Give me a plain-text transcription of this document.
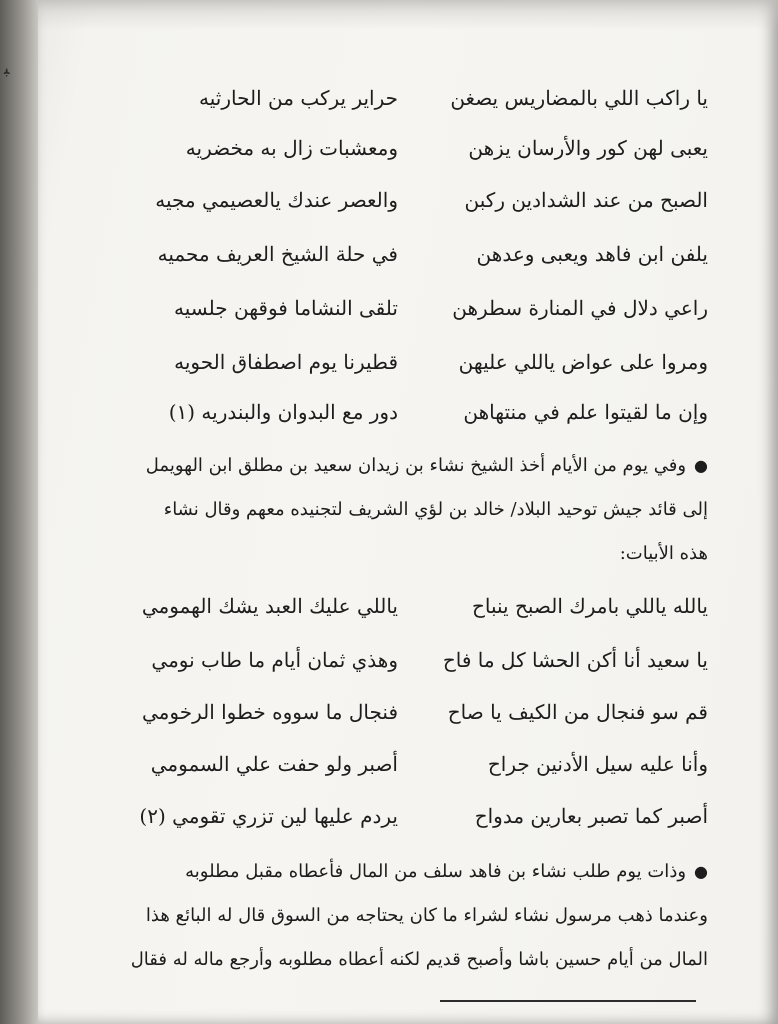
ﺒ
يا راكب اللي بالمضاريس يصغن
حراير يركب من الحارثيه
يعبى لهن كور والأرسان يزهن
ومعشبات زال به مخضريه
الصبح من عند الشدادين ركبن
والعصر عندك يالعصيمي مجيه
يلفن ابن فاهد ويعبى وعدهن
في حلة الشيخ العريف محميه
راعي دلال في المنارة سطرهن
تلقى النشاما فوقهن جلسيه
ومروا على عواض ياللي عليهن
قطيرنا يوم اصطفاق الحويه
وإن ما لقيتوا علم في منتهاهن
دور مع البدوان والبندريه (١)
●وفي يوم من الأيام أخذ الشيخ نشاء بن زيدان سعيد بن مطلق ابن الهويمل
إلى قائد جيش توحيد البلاد/ خالد بن لؤي الشريف لتجنيده معهم وقال نشاء
هذه الأبيات:
يالله ياللي بامرك الصبح ينباح
ياللي عليك العبد يشك الهمومي
يا سعيد أنا أكن الحشا كل ما فاح
وهذي ثمان أيام ما طاب نومي
قم سو فنجال من الكيف يا صاح
فنجال ما سووه خطوا الرخومي
وأنا عليه سيل الأدنين جراح
أصبر ولو حفت علي السمومي
أصبر كما تصبر بعارين مدواح
يردم عليها لين تزري تقومي (٢)
●وذات يوم طلب نشاء بن فاهد سلف من المال فأعطاه مقبل مطلوبه
وعندما ذهب مرسول نشاء لشراء ما كان يحتاجه من السوق قال له البائع هذا
المال من أيام حسين باشا وأصبح قديم لكنه أعطاه مطلوبه وأرجع ماله له فقال
